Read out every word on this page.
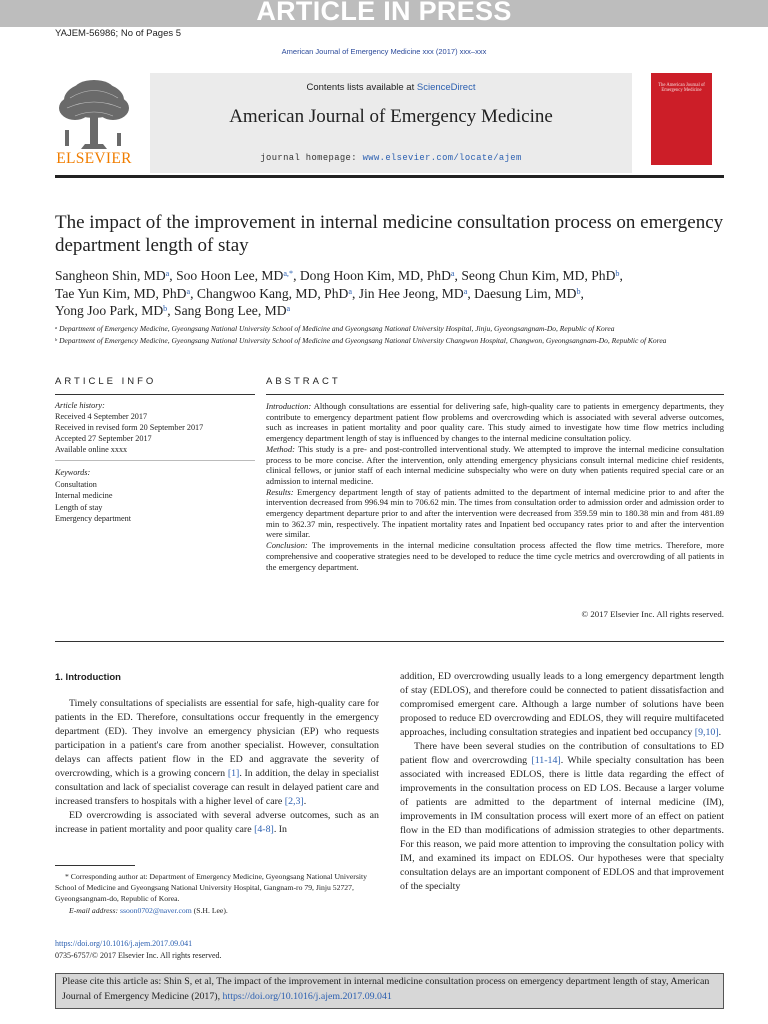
ARTICLE IN PRESS
YAJEM-56986; No of Pages 5
American Journal of Emergency Medicine xxx (2017) xxx–xxx
ELSEVIER
Contents lists available at ScienceDirect
American Journal of Emergency Medicine
journal homepage: www.elsevier.com/locate/ajem
The American Journal of Emergency Medicine
The impact of the improvement in internal medicine consultation process on emergency department length of stay
Sangheon Shin, $MD^a$, Soo Hoon Lee, $MD^{a,*}$, Dong Hoon Kim, MD, PhD$^a$, Seong Chun Kim, MD, PhD$^b$,
Tae Yun Kim, MD, PhD$^a$, Changwoo Kang, MD, PhD$^a$, Jin Hee Jeong, $MD^a$, Daesung Lim, $MD^b$,
Yong Joo Park, $MD^b$, Sang Bong Lee, $MD^a$
$^a$ Department of Emergency Medicine, Gyeongsang National University School of Medicine and Gyeongsang National University Hospital, Jinju, Gyeongsangnam-Do, Republic of Korea
$^b$ Department of Emergency Medicine, Gyeongsang National University School of Medicine and Gyeongsang National University Changwon Hospital, Changwon, Gyeongsangnam-Do, Republic of Korea
ARTICLE INFO
Article history:
Received 4 September 2017
Received in revised form 20 September 2017
Accepted 27 September 2017
Available online xxxx
Keywords:
Consultation
Internal medicine
Length of stay
Emergency department
ABSTRACT

Introduction: Although consultations are essential for delivering safe, high-quality care to patients in emergency departments, they contribute to emergency department patient flow problems and overcrowding which is associated with several adverse outcomes, such as increases in patient mortality and poor quality care. This study aimed to investigate how time flow metrics including emergency department length of stay is influenced by changes to the internal medicine consultation policy.

Method: This study is a pre- and post-controlled interventional study. We attempted to improve the internal medicine consultation process to be more concise. After the intervention, only attending emergency physicians consult internal medicine chief residents, clinical fellows, or junior staff of each internal medicine subspecialty who were on duty when patients required special care or an admission to internal medicine.

Results: Emergency department length of stay of patients admitted to the department of internal medicine prior to and after the intervention decreased from 996.94 min to 706.62 min. The times from consultation order to admission order and admission order to emergency department departure prior to and after the intervention were decreased from 359.59 min to 180.38 min and from 481.89 min to 362.37 min, respectively. The inpatient mortality rates and Inpatient bed occupancy rates prior to and after the intervention were similar.

Conclusion: The improvements in the internal medicine consultation process affected the flow time metrics. Therefore, more comprehensive and cooperative strategies need to be developed to reduce the time cycle metrics and overcrowding of all patients in the emergency department.

© 2017 Elsevier Inc. All rights reserved.
1. Introduction

Timely consultations of specialists are essential for safe, high-quality care for patients in the ED. Therefore, consultations occur frequently in the emergency department (ED). They involve an emergency physician (EP) who requests participation in a patient's care from another specialist. However, consultation delays can affects patient flow in the ED and aggravate the severity of overcrowding, which is a growing concern [1]. In addition, the delay in specialist consultation and lack of specialist coverage can result in delayed patient care and increased transfers to hospitals with a higher level of care [2,3].

ED overcrowding is associated with several adverse outcomes, such as an increase in patient mortality and poor quality care [4-8]. In

addition, ED overcrowding usually leads to a long emergency department length of stay (EDLOS), and therefore could be connected to patient dissatisfaction and compromised emergent care. Although a large number of solutions have been proposed to reduce ED overcrowding and EDLOS, they will require multifaceted approaches, including consultation strategies and inpatient bed occupancy [9,10].

There have been several studies on the contribution of consultations to ED patient flow and overcrowding [11-14]. While specialty consultation has been associated with increased EDLOS, there is little data regarding the effect of improvements in the consultation process on ED LOS. Because a larger volume of patients are admitted to the department of internal medicine (IM), improvements in IM consultation process will exert more of an effect on patient flow in the ED than modifications of admission strategies to other departments. For this reason, we paid more attention to improving the consultation policy with IM, and examined its impact on EDLOS. Our hypotheses were that specialty consultation delays are an important component of EDLOS and that improvement of the specialty

* Corresponding author at: Department of Emergency Medicine, Gyeongsang National University School of Medicine and Gyeongsang National University Hospital, Gangnam-ro 79, Jinju 52727, Gyeongsangnam-do, Republic of Korea.
E-mail address: ssoon0702@naver.com (S.H. Lee).
https://doi.org/10.1016/j.ajem.2017.09.041
0735-6757/© 2017 Elsevier Inc. All rights reserved.
Please cite this article as: Shin S, et al, The impact of the improvement in internal medicine consultation process on emergency department length of stay, American Journal of Emergency Medicine (2017), https://doi.org/10.1016/j.ajem.2017.09.041
